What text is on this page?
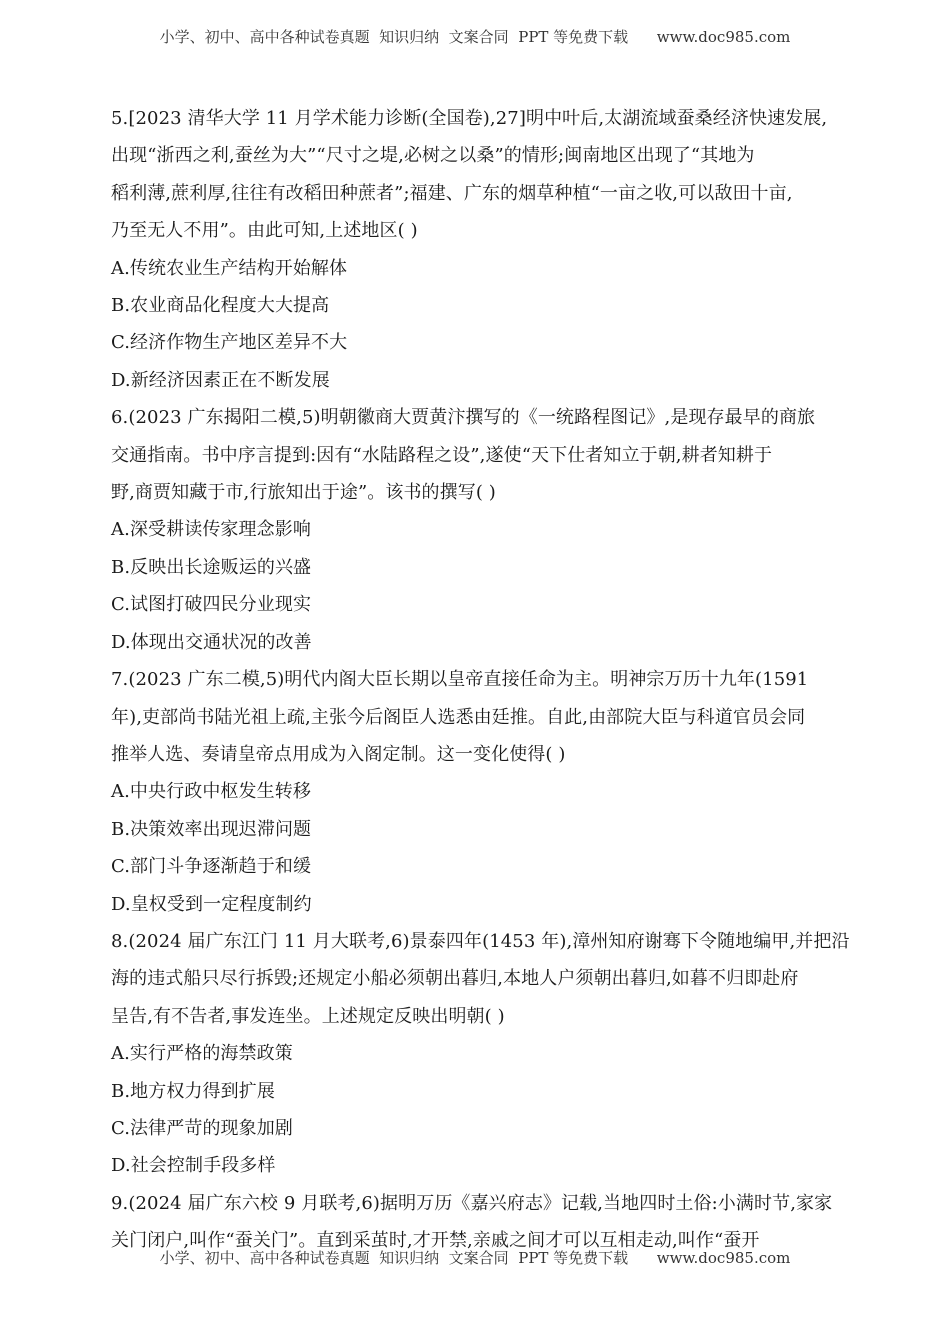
小学、初中、高中各种试卷真题  知识归纳  文案合同  PPT 等免费下载      www.doc985.com

5.[2023 清华大学 11 月学术能力诊断(全国卷),27]明中叶后,太湖流域蚕桑经济快速发展,

出现“浙西之利,蚕丝为大”“尺寸之堤,必树之以桑”的情形;闽南地区出现了“其地为

稻利薄,蔗利厚,往往有改稻田种蔗者”;福建、广东的烟草种植“一亩之收,可以敌田十亩,

乃至无人不用”。由此可知,上述地区( )

A.传统农业生产结构开始解体

B.农业商品化程度大大提高

C.经济作物生产地区差异不大

D.新经济因素正在不断发展

6.(2023 广东揭阳二模,5)明朝徽商大贾黄汴撰写的《一统路程图记》,是现存最早的商旅

交通指南。书中序言提到:因有“水陆路程之设”,遂使“天下仕者知立于朝,耕者知耕于

野,商贾知藏于市,行旅知出于途”。该书的撰写( )

A.深受耕读传家理念影响

B.反映出长途贩运的兴盛

C.试图打破四民分业现实

D.体现出交通状况的改善

7.(2023 广东二模,5)明代内阁大臣长期以皇帝直接任命为主。明神宗万历十九年(1591

年),吏部尚书陆光祖上疏,主张今后阁臣人选悉由廷推。自此,由部院大臣与科道官员会同

推举人选、奏请皇帝点用成为入阁定制。这一变化使得( )

A.中央行政中枢发生转移

B.决策效率出现迟滞问题

C.部门斗争逐渐趋于和缓

D.皇权受到一定程度制约

8.(2024 届广东江门 11 月大联考,6)景泰四年(1453 年),漳州知府谢骞下令随地编甲,并把沿

海的违式船只尽行拆毁;还规定小船必须朝出暮归,本地人户须朝出暮归,如暮不归即赴府

呈告,有不告者,事发连坐。上述规定反映出明朝( )

A.实行严格的海禁政策

B.地方权力得到扩展

C.法律严苛的现象加剧

D.社会控制手段多样

9.(2024 届广东六校 9 月联考,6)据明万历《嘉兴府志》记载,当地四时土俗:小满时节,家家

关门闭户,叫作“蚕关门”。直到采茧时,才开禁,亲戚之间才可以互相走动,叫作“蚕开

小学、初中、高中各种试卷真题  知识归纳  文案合同  PPT 等免费下载      www.doc985.com
